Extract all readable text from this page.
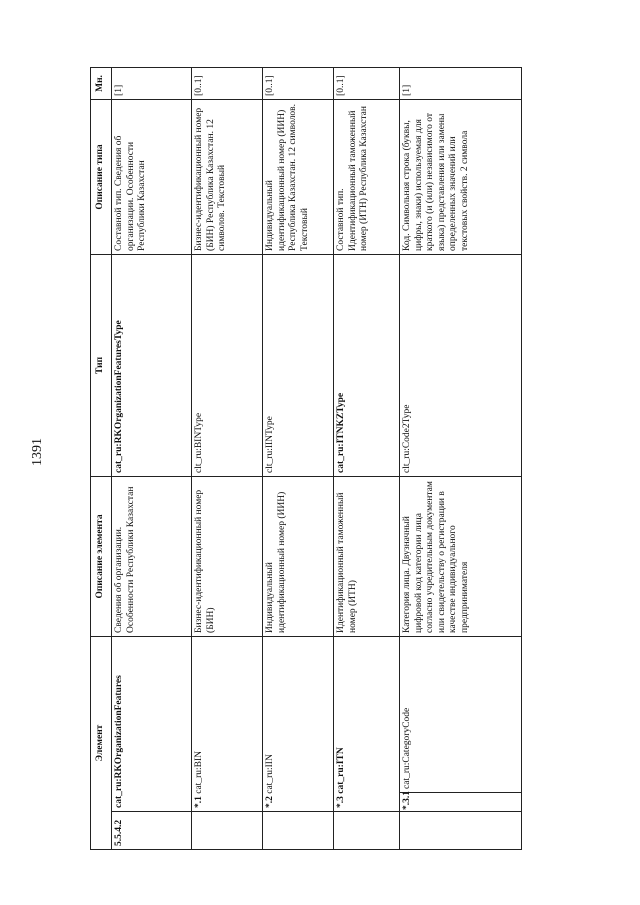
1391
Элемент			Описание элемента	Тип	Описание типа	Мн.
5.5.4.2	cat_ru:RKOrganizationFeatures		Сведения об организации. Особенности Республики Казахстан	cat_ru:RKOrganizationFeaturesType	Составной тип. Сведения об организации. Особенности Республики Казахстан	[1]
	*.1 cat_ru:BIN		Бизнес-идентификационный номер (БИН)	clt_ru:BINType	Бизнес-идентификационный номер (БИН) Республика Казахстан. 12 символов. Текстовый	[0..1]
	*.2 cat_ru:IIN		Индивидуальный идентификационный номер (ИИН)	clt_ru:IINType	Индивидуальный идентификационный номер (ИИН) Республика Казахстан. 12 символов. Текстовый	[0..1]
	*.3 cat_ru:ITN		Идентификационный таможенный номер (ИТН)	cat_ru:ITNKZType	Составной тип. Идентификационный таможенный номер (ИТН) Республика Казахстан	[0..1]
	*.3.1	cat_ru:CategoryCode	Категория лица. Двузначный цифровой код категории лица согласно учредительным документам или свидетельству о регистрации в качестве индивидуального предпринимателя	clt_ru:Code2Type	Код. Символьная строка (буквы, цифры, знаки) используемая для краткого (и (или) независимого от языка) представления или замены определенных значений или текстовых свойств. 2 символа	[1]
